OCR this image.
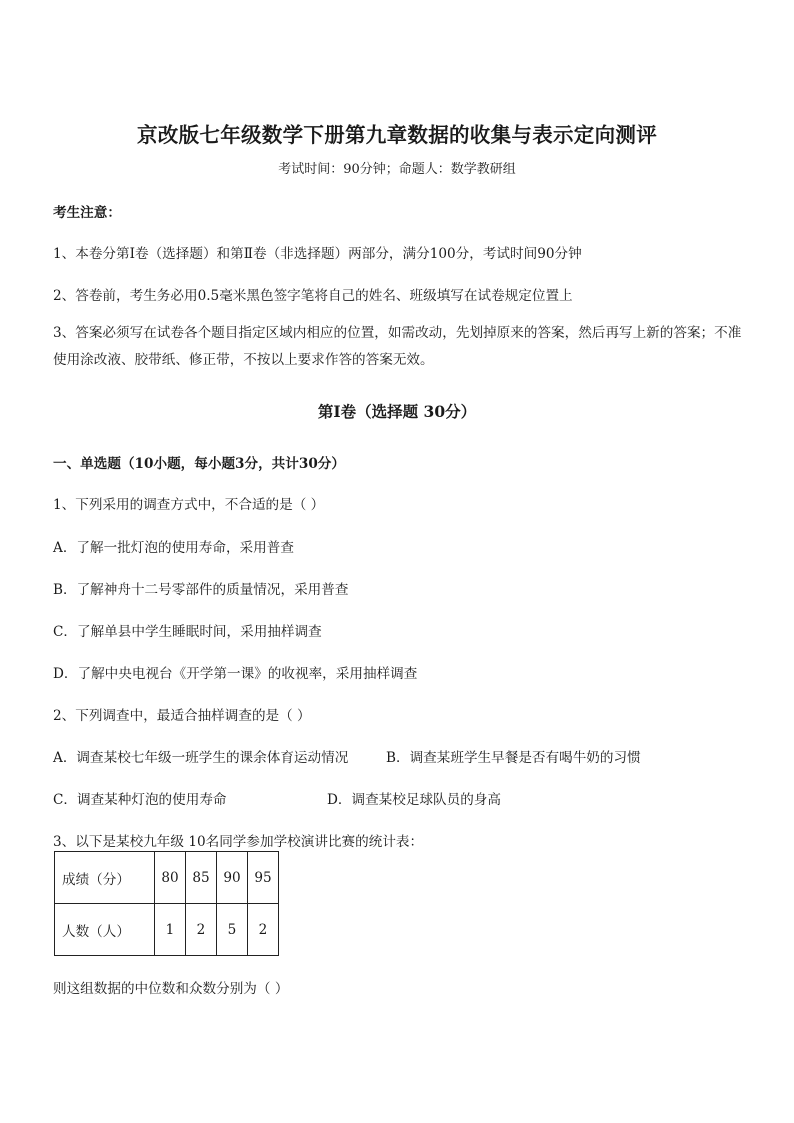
京改版七年级数学下册第九章数据的收集与表示定向测评
考试时间：90分钟；命题人：数学教研组
考生注意：
1、本卷分第Ⅰ卷（选择题）和第Ⅱ卷（非选择题）两部分，满分100分，考试时间90分钟
2、答卷前，考生务必用0.5毫米黑色签字笔将自己的姓名、班级填写在试卷规定位置上
3、答案必须写在试卷各个题目指定区域内相应的位置，如需改动，先划掉原来的答案，然后再写上新的答案；不准使用涂改液、胶带纸、修正带，不按以上要求作答的答案无效。
第Ⅰ卷（选择题 30分）
一、单选题（10小题，每小题3分，共计30分）
1、下列采用的调查方式中，不合适的是（ ）
A．了解一批灯泡的使用寿命，采用普查
B．了解神舟十二号零部件的质量情况，采用普查
C．了解单县中学生睡眠时间，采用抽样调查
D．了解中央电视台《开学第一课》的收视率，采用抽样调查
2、下列调查中，最适合抽样调查的是（ ）
A．调查某校七年级一班学生的课余体育运动情况	B．调查某班学生早餐是否有喝牛奶的习惯
C．调查某种灯泡的使用寿命	D．调查某校足球队员的身高
3、以下是某校九年级 10名同学参加学校演讲比赛的统计表：
成绩（分）	80	85	90	95
人数（人）	1	2	5	2
则这组数据的中位数和众数分别为（ ）
